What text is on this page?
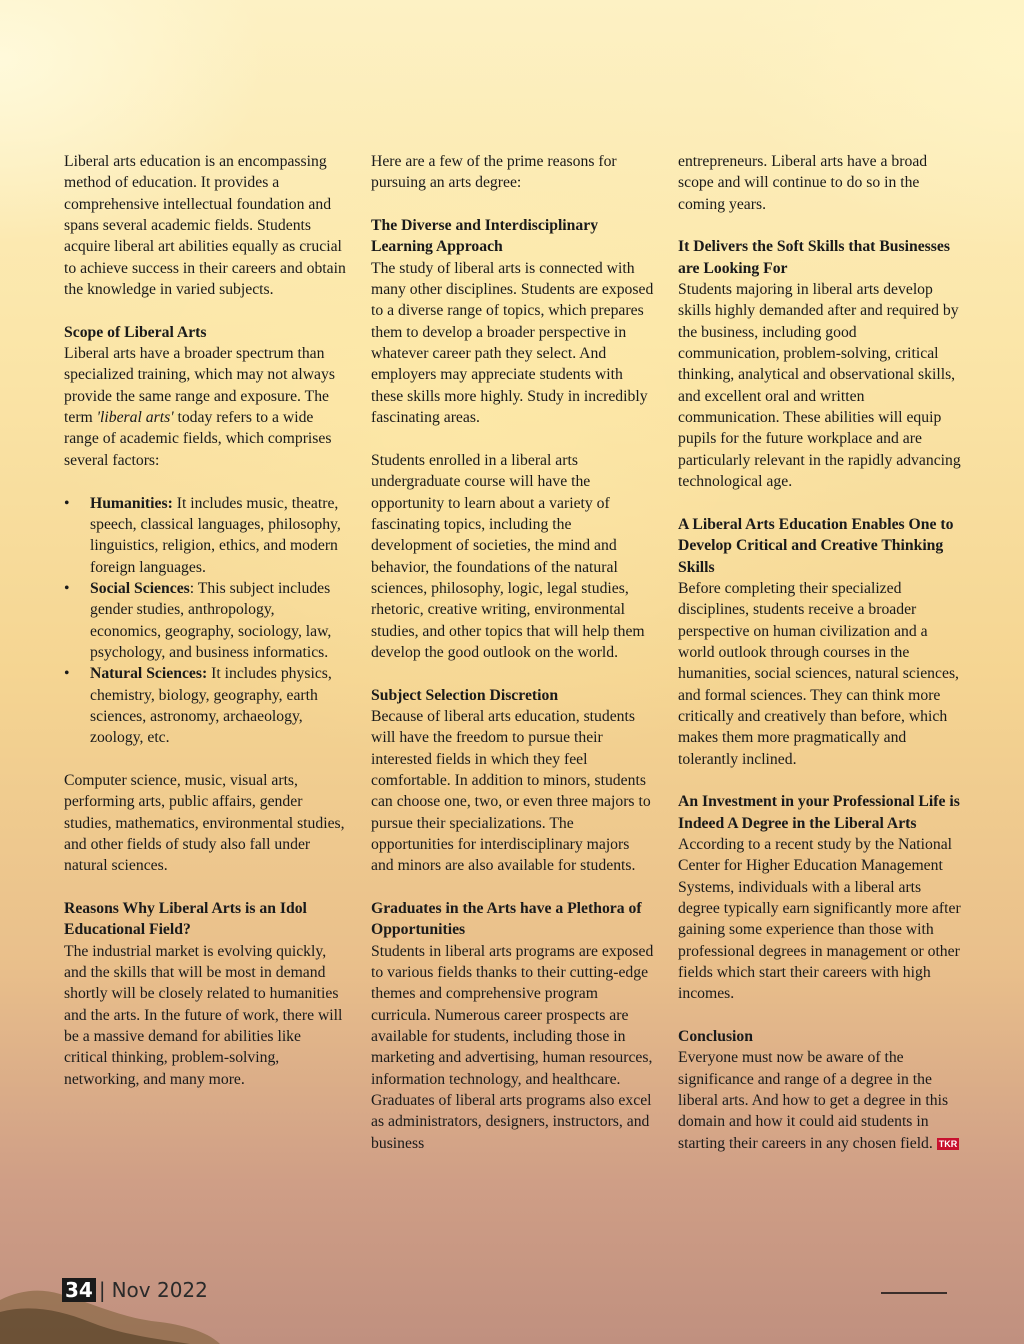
Liberal arts education is an encompassing method of education. It provides a comprehensive intellectual foundation and spans several academic fields. Students acquire liberal art abilities equally as crucial to achieve success in their careers and obtain the knowledge in varied subjects.

Scope of Liberal Arts

Liberal arts have a broader spectrum than specialized training, which may not always provide the same range and exposure. The term 'liberal arts' today refers to a wide range of academic fields, which comprises several factors:

• Humanities: It includes music, theatre, speech, classical languages, philosophy, linguistics, religion, ethics, and modern foreign languages.
• Social Sciences: This subject includes gender studies, anthropology, economics, geography, sociology, law, psychology, and business informatics.
• Natural Sciences: It includes physics, chemistry, biology, geography, earth sciences, astronomy, archaeology, zoology, etc.

Computer science, music, visual arts, performing arts, public affairs, gender studies, mathematics, environmental studies, and other fields of study also fall under natural sciences.

Reasons Why Liberal Arts is an Idol Educational Field?

The industrial market is evolving quickly, and the skills that will be most in demand shortly will be closely related to humanities and the arts. In the future of work, there will be a massive demand for abilities like critical thinking, problem-solving, networking, and many more.

Here are a few of the prime reasons for pursuing an arts degree:

The Diverse and Interdisciplinary Learning Approach

The study of liberal arts is connected with many other disciplines. Students are exposed to a diverse range of topics, which prepares them to develop a broader perspective in whatever career path they select. And employers may appreciate students with these skills more highly. Study in incredibly fascinating areas.

Students enrolled in a liberal arts undergraduate course will have the opportunity to learn about a variety of fascinating topics, including the development of societies, the mind and behavior, the foundations of the natural sciences, philosophy, logic, legal studies, rhetoric, creative writing, environmental studies, and other topics that will help them develop the good outlook on the world.

Subject Selection Discretion

Because of liberal arts education, students will have the freedom to pursue their interested fields in which they feel comfortable. In addition to minors, students can choose one, two, or even three majors to pursue their specializations. The opportunities for interdisciplinary majors and minors are also available for students.

Graduates in the Arts have a Plethora of Opportunities

Students in liberal arts programs are exposed to various fields thanks to their cutting-edge themes and comprehensive program curricula. Numerous career prospects are available for students, including those in marketing and advertising, human resources, information technology, and healthcare. Graduates of liberal arts programs also excel as administrators, designers, instructors, and business

entrepreneurs. Liberal arts have a broad scope and will continue to do so in the coming years.

It Delivers the Soft Skills that Businesses are Looking For

Students majoring in liberal arts develop skills highly demanded after and required by the business, including good communication, problem-solving, critical thinking, analytical and observational skills, and excellent oral and written communication. These abilities will equip pupils for the future workplace and are particularly relevant in the rapidly advancing technological age.

A Liberal Arts Education Enables One to Develop Critical and Creative Thinking Skills

Before completing their specialized disciplines, students receive a broader perspective on human civilization and a world outlook through courses in the humanities, social sciences, natural sciences, and formal sciences. They can think more critically and creatively than before, which makes them more pragmatically and tolerantly inclined.

An Investment in your Professional Life is Indeed A Degree in the Liberal Arts

According to a recent study by the National Center for Higher Education Management Systems, individuals with a liberal arts degree typically earn significantly more after gaining some experience than those with professional degrees in management or other fields which start their careers with high incomes.

Conclusion

Everyone must now be aware of the significance and range of a degree in the liberal arts. And how to get a degree in this domain and how it could aid students in starting their careers in any chosen field. TKR

34 | Nov 2022
